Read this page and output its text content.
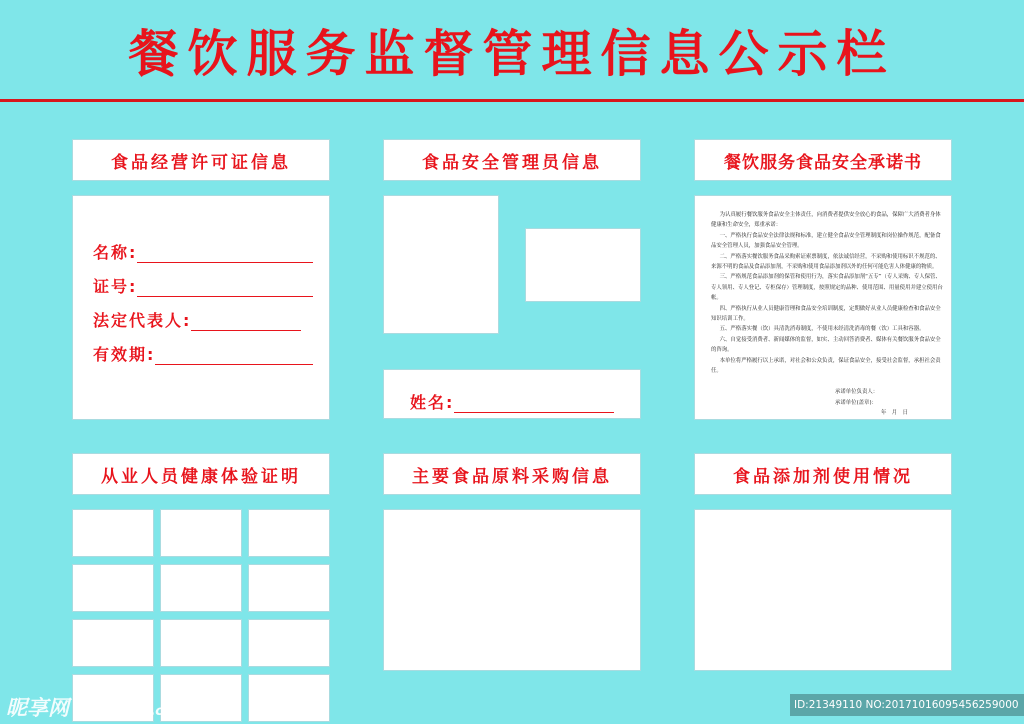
餐饮服务监督管理信息公示栏
食品经营许可证信息	食品安全管理员信息	餐饮服务食品安全承诺书
名称:
证号:
法定代表人:
有效期:
姓名:

为认真履行餐饮服务食品安全主体责任，向消费者提供安全放心的食品，保障广大消费者身体健康和生命安全，郑重承诺：

一、严格执行食品安全法律法规和标准，建立健全食品安全管理制度和岗位操作规范，配备食品安全管理人员，加强食品安全管理。

二、严格落实餐饮服务食品采购索证索票制度，依法诚信经营，不采购和使用标识不规范的、来源不明的食品及食品添加剂，不采购和使用食品添加剂以外的任何可能危害人体健康的物质。

三、严格规范食品添加剂的保管和使用行为，落实食品添加剂“五专”（专人采购、专人保管、专人领用、专人登记、专柜保存）管理制度，按照规定的品种、使用范围、用量使用并建立使用台帐。

四、严格执行从业人员健康管理和食品安全培训制度，定期做好从业人员健康检查和食品安全知识培训工作。

五、严格落实餐（饮）具清洗消毒制度，不使用未经清洗消毒的餐（饮）工具和容器。

六、自觉接受消费者、新闻媒体的监督，如实、主动回答消费者、媒体有关餐饮服务食品安全的咨询。

本单位将严格履行以上承诺，对社会和公众负责，保证食品安全，接受社会监督，承担社会责任。

承诺单位负责人：
承诺单位(盖章)：
年　月　日
从业人员健康体验证明	主要食品原料采购信息	食品添加剂使用情况
昵享网 www.nipic.com	ID:21349110 NO:20171016095456259000
